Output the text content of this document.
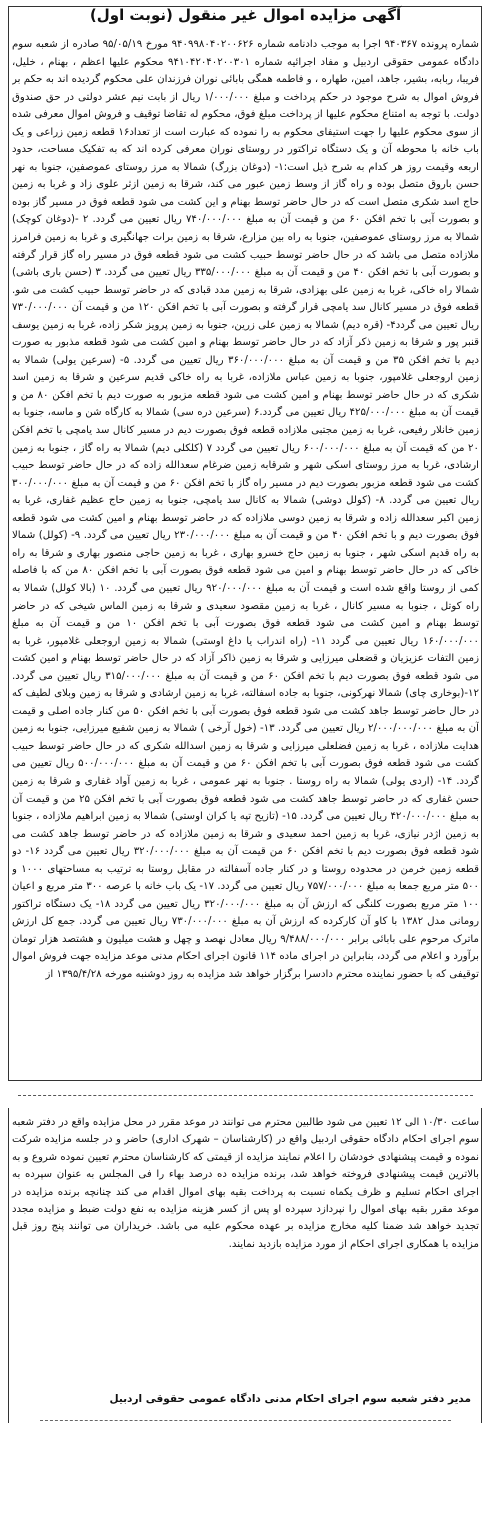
آگهی مزایده اموال غیر منقول (نوبت اول)
شماره پرونده ۹۴۰۳۶۷ اجرا به موجب دادنامه شماره ۹۴۰۹۹۸۰۴۰۲۰۰۶۲۶ مورخ ۹۵/۰۵/۱۹ صادره از شعبه سوم دادگاه عمومی حقوقی اردبیل و مفاد اجرائیه شماره ۹۴۱۰۴۲۰۴۰۲۰۰۳۰۱ محکوم علیها اعظم ، بهنام ، خلیل، فریبا، ربابه، بشیر، جاهد، امین، طهاره ، و فاطمه همگی بابائی نوران فرزندان علی محکوم گردیده اند به حکم بر فروش اموال به شرح موجود در حکم پرداخت و مبلغ ۱/۰۰۰/۰۰۰ ریال از بابت نیم عشر دولتی در حق صندوق دولت. با توجه به امتناع محکوم علیها از پرداخت مبلغ فوق، محکوم له تقاضا توقیف و فروش اموال معرفی شده از سوی محکوم علیها را جهت استیفای محکوم به را نموده که عبارت است از تعداد۱۶ قطعه زمین زراعی و یک باب خانه با محوطه آن و یک دستگاه تراکتور در روستای نوران معرفی کرده اند که به تفکیک مساحت، حدود اربعه وقیمت روز هر کدام به شرح ذیل است:۱- (دوغان بزرگ) شمالا به مرز روستای عموصفین، جنوبا به نهر حسن باروق متصل بوده و راه گاز از وسط زمین عبور می کند، شرقا به زمین ازثر علوی زاد و غربا به زمین حاج اسد شکری متصل است که در حال حاضر توسط بهنام و این کشت می شود قطعه فوق در مسیر گاز بوده و بصورت آبی با تخم افکن ۶۰ من و قیمت آن به مبلغ ۷۴۰/۰۰۰/۰۰۰ ریال تعیین می گردد. ۲ -(دوغان کوچک) شمالا به مرز روستای عموصفین، جنوبا به راه بین مزارع، شرقا به زمین برات جهانگیری و غربا به زمین فرامرز ملازاده متصل می باشد که در حال حاضر توسط حبیب کشت می شود قطعه فوق در مسیر راه گاز قرار گرفته و بصورت آبی با تخم افکن ۴۰ من و قیمت آن به مبلغ ۳۳۵/۰۰۰/۰۰۰ ریال تعیین می گردد. ۳ (حسن باری باشی) شمالا راه خاکی، غربا به زمین علی بهزادی، شرقا به زمین مدد قبادی که در حاضر توسط حبیب کشت می شو. قطعه فوق در مسیر کانال سد یامچی قرار گرفته و بصورت آبی با تخم افکن ۱۲۰ من و قیمت آن ۷۳۰/۰۰۰/۰۰۰ ریال تعیین می گردد۴- (قره دیم) شمالا به زمین علی زرین، جنوبا به زمین پرویز شکر زاده، غربا به زمین یوسف قنبر پور و شرقا به زمین ذکر آزاد که در حال حاضر توسط بهنام و امین کشت می شود قطعه مذبور به صورت دیم با تخم افکن ۳۵ من و قیمت آن به مبلغ ۳۶۰/۰۰۰/۰۰۰ ریال تعیین می گردد. ۵- (سرعین یولی) شمالا به زمین اروجعلی غلامپور، جنوبا به زمین عباس ملازاده، غربا به راه خاکی قدیم سرعین و شرقا به زمین اسد شکری که در حال حاضر توسط بهنام و امین کشت می شود قطعه مزبور به صورت دیم با تخم افکن ۸۰ من و قیمت آن به مبلغ ۴۲۵/۰۰۰/۰۰۰ ریال تعیین می گردد.۶ (سرعین دره سی) شمالا به کارگاه شن و ماسه، جنوبا به زمین خانلار رفیعی، غربا به زمین مجتبی ملازاده قطعه فوق بصورت دیم در مسیر کانال سد یامچی با تخم افکن ۲۰ من که قیمت آن به مبلغ ۶۰۰/۰۰۰/۰۰۰ ریال تعیین می گردد ۷ (کلکلی دیم) شمالا به راه گاز ، جنوبا به زمین ارشادی، غربا به مرز روستای اسکی شهر و شرقابه زمین ضرغام سعدالله زاده که در حال حاضر توسط حبیب کشت می شود قطعه مزبور بصورت دیم در مسیر راه گاز با تخم افکن ۶۰ من و قیمت آن به مبلغ ۳۰۰/۰۰۰/۰۰۰ ریال تعیین می گردد. ۸- (کولل دوشی) شمالا به کانال سد یامچی، جنوبا به زمین حاج عظیم غفاری، غربا به زمین اکبر سعدالله زاده و شرقا به زمین دوسی ملازاده که در حاضر توسط بهنام و امین کشت می شود قطعه فوق بصورت دیم و با تخم افکن ۴۰ من و قیمت آن به مبلغ ۲۳۰/۰۰۰/۰۰۰ ریال تعیین می گردد. ۹- (کولل) شمالا به راه قدیم اسکی شهر ، جنوبا به زمین حاج خسرو بهاری ، غربا به زمین حاجی منصور بهاری و شرقا به راه خاکی که در حال حاضر توسط بهنام و امین می شود قطعه فوق بصورت آبی با تخم افکن ۸۰ من که با فاصله کمی از روستا واقع شده است و قیمت آن به مبلغ ۹۲۰/۰۰۰/۰۰۰ ریال تعیین می گردد. ۱۰ (بالا کولل) شمالا به راه کوتل ، جنوبا به مسیر کانال ، غربا به زمین مقصود سعیدی و شرقا به زمین الماس شیخی که در حاضر توسط بهنام و امین کشت می شود قطعه فوق بصورت آبی با تخم افکن ۱۰ من و قیمت آن به مبلغ ۱۶۰/۰۰۰/۰۰۰ ریال تعیین می گردد ۱۱- (راه اندراب یا داغ اوستی) شمالا به زمین اروجعلی غلامپور، غربا به زمین التفات عزیزیان و قضعلی میرزایی و شرقا به زمین ذاکر آزاد که در حال حاضر توسط بهنام و امین کشت می شود قطعه فوق بصورت دیم با تخم افکن ۶۰ من و قیمت آن به مبلغ ۳۱۵/۰۰۰/۰۰۰ ریال تعیین می گردد. ۱۲-(بوخاری چای) شمالا نهرکونی، جنوبا به جاده اسفالته، غربا به زمین ارشادی و شرقا به زمین وبلای لطیف که در حال حاضر توسط جاهد کشت می شود قطعه فوق بصورت آبی با تخم افکن ۵۰ من کنار جاده اصلی و قیمت آن به مبلغ ۲/۰۰۰/۰۰۰/۰۰۰ ریال تعیین می گردد. ۱۳- (خول آرخی ) شمالا به زمین شفیع میرزایی، جنوبا به زمین هدایت ملازاده ، غربا به زمین فضلعلی میرزایی و شرقا به زمین اسدالله شکری که در حال حاضر توسط حبیب کشت می شود قطعه فوق بصورت آبی با تخم افکن ۶۰ من و قیمت آن به مبلغ ۵۰۰/۰۰۰/۰۰۰ ریال تعیین می گردد. ۱۴- (اردی یولی) شمالا به راه روستا . جنوبا به نهر عمومی ، غربا به زمین آواد غفاری و شرقا به زمین حسن غفاری که در حاضر توسط جاهد کشت می شود قطعه فوق بصورت آبی با تخم افکن ۲۵ من و قیمت آن به مبلغ ۴۲۰/۰۰۰/۰۰۰ ریال تعیین می گردد. ۱۵- (تازیح تپه یا کران اوستی) شمالا به زمین ابراهیم ملازاده ، جنوبا به زمین اژدر نیازی، غربا به زمین احمد سعیدی و شرقا به زمین ملازاده که در حاضر توسط جاهد کشت می شود قطعه فوق بصورت دیم با تخم افکن ۶۰ من قیمت آن به مبلغ ۳۲۰/۰۰۰/۰۰۰ ریال تعیین می گردد ۱۶- دو قطعه زمین خرمن در محدوده روستا و در کنار جاده آسفالته در مقابل روستا به ترتیب به مساحتهای ۱۰۰۰ و ۵۰۰ متر مربع جمعا به مبلغ ۷۵۷/۰۰۰/۰۰۰ ریال تعیین می گردد. ۱۷- یک باب خانه با عرصه ۳۰۰ متر مربع و اعیان ۱۰۰ متر مربع بصورت کلنگی که ارزش آن به مبلغ ۳۲۰/۰۰۰/۰۰۰ ریال تعیین می گردد ۱۸- یک دستگاه تراکتور رومانی مدل ۱۳۸۲ با کاو آن کارکرده که ارزش آن به مبلغ ۷۳۰/۰۰۰/۰۰۰ ریال تعیین می گردد. جمع کل ارزش ماترک مرحوم علی بابائی برابر ۹/۴۸۸/۰۰۰/۰۰۰ ریال معادل نهصد و چهل و هشت میلیون و هشتصد هزار تومان برآورد و اعلام می گردد، بنابراین در اجرای ماده ۱۱۴ قانون اجرای احکام مدنی موعد مزایده جهت فروش اموال توقیفی که با حضور نماینده محترم دادسرا برگزار خواهد شد مزایده به روز دوشنبه مورخه ۱۳۹۵/۴/۲۸ از
ساعت ۱۰/۳۰ الی ۱۲ تعیین می شود طالبین محترم می توانند در موعد مقرر در محل مزایده واقع در دفتر شعبه سوم اجرای احکام دادگاه حقوقی اردبیل واقع در (کارشناسان – شهرک اداری) حاضر و در جلسه مزایده شرکت نموده و قیمت پیشنهادی خودشان را اعلام نمایند مزایده از قیمتی که کارشناسان محترم تعیین نموده شروع و به بالاترین قیمت پیشنهادی فروخته خواهد شد، برنده مزایده ده درصد بهاء را فی المجلس به عنوان سپرده به اجرای احکام تسلیم و ظرف یکماه نسبت به پرداخت بقیه بهای اموال اقدام می کند چنانچه برنده مزایده در موعد مقرر بقیه بهای اموال را نپردازد سپرده او پس از کسر هزینه مزایده به نفع دولت ضبط و مزایده مجدد تجدید خواهد شد ضمنا کلیه مخارج مزایده بر عهده محکوم علیه می باشد. خریداران می توانند پنج روز قبل مزایده با همکاری اجرای احکام از مورد مزایده بازدید نمایند.
مدیر دفتر شعبه سوم اجرای احکام مدنی دادگاه عمومی حقوقی اردبیل
